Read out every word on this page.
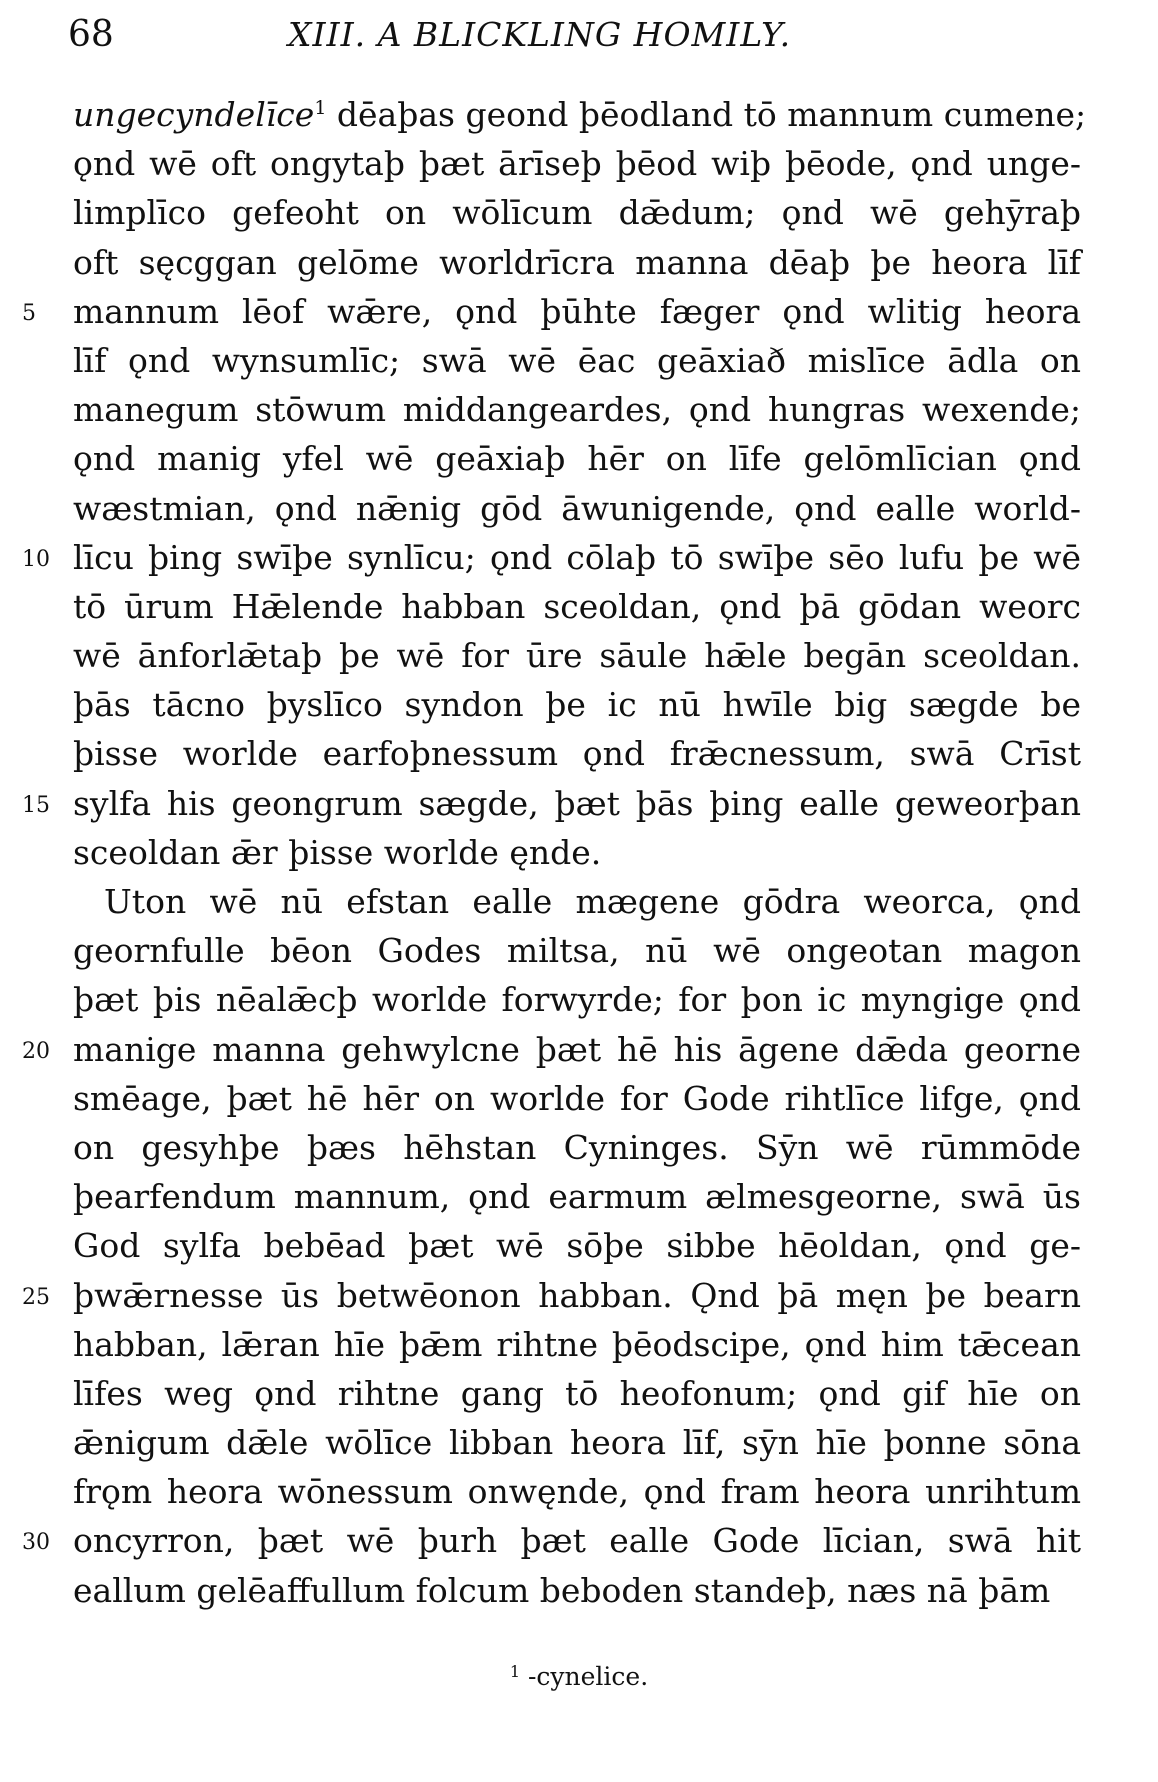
68	XIII. A BLICKLING HOMILY.
ungecyndelīce$^1$ dēaþas geond þēodland tō mannum cumene;
ǫnd wē oft ongytaþ þæt ārīseþ þēod wiþ þēode, ǫnd unge-
limplīco gefeoht on wōlīcum dǣdum; ǫnd wē gehȳraþ
oft sęcggan gelōme worldrīcra manna dēaþ þe heora līf
5	mannum lēof wǣre, ǫnd þūhte fæger ǫnd wlitig heora
līf ǫnd wynsumlīc; swā wē ēac geāxiað mislīce ādla on
manegum stōwum middangeardes, ǫnd hungras wexende;
ǫnd manig yfel wē geāxiaþ hēr on līfe gelōmlīcian ǫnd
wæstmian, ǫnd nǣnig gōd āwunigende, ǫnd ealle world-
10 līcu þing swīþe synlīcu; ǫnd cōlaþ tō swīþe sēo lufu þe wē
tō ūrum Hǣlende habban sceoldan, ǫnd þā gōdan weorc
wē ānforlǣtaþ þe wē for ūre sāule hǣle begān sceoldan.
þās tācno þyslīco syndon þe ic nū hwīle big sægde be
þisse worlde earfoþnessum ǫnd frǣcnessum, swā Crīst
15 sylfa his geongrum sægde, þæt þās þing ealle geweorþan
sceoldan ǣr þisse worlde ęnde.
Uton wē nū efstan ealle mægene gōdra weorca, ǫnd
geornfulle bēon Godes miltsa, nū wē ongeotan magon
þæt þis nēalǣcþ worlde forwyrde; for þon ic myngige ǫnd
20 manige manna gehwylcne þæt hē his āgene dǣda georne
smēage, þæt hē hēr on worlde for Gode rihtlīce lifge, ǫnd
on gesyhþe þæs hēhstan Cyninges. Sȳn wē rūmmōde
þearfendum mannum, ǫnd earmum ælmesgeorne, swā ūs
God sylfa bebēad þæt wē sōþe sibbe hēoldan, ǫnd ge-
25 þwǣrnesse ūs betwēonon habban. Ǫnd þā męn þe bearn
habban, lǣran hīe þǣm rihtne þēodscipe, ǫnd him tǣcean
līfes weg ǫnd rihtne gang tō heofonum; ǫnd gif hīe on
ǣnigum dǣle wōlīce libban heora līf, sȳn hīe þonne sōna
frǫm heora wōnessum onwęnde, ǫnd fram heora unrihtum
30 oncyrron, þæt wē þurh þæt ealle Gode līcian, swā hit
eallum gelēaffullum folcum beboden standeþ, næs nā þām
$^1$ -cynelice.
